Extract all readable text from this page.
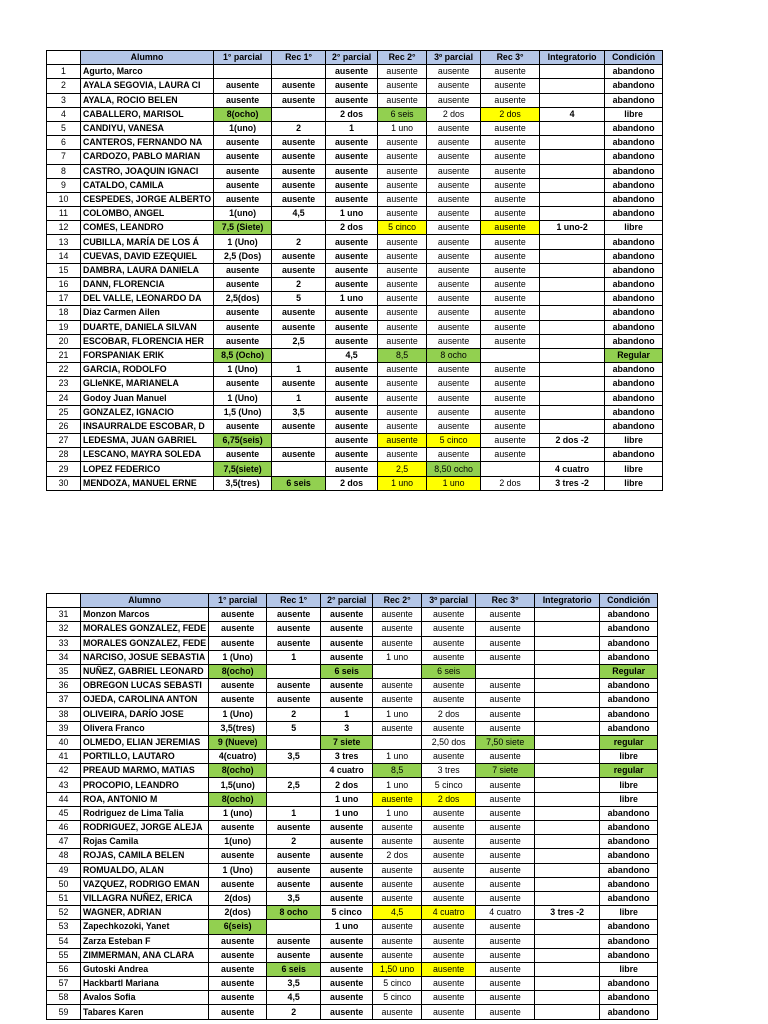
	Alumno	1° parcial	Rec 1°	2° parcial	Rec 2°	3º parcial	Rec 3°	Integratorio	Condición
1	Agurto, Marco			ausente	ausente	ausente	ausente		abandono
2	AYALA SEGOVIA, LAURA CI	ausente	ausente	ausente	ausente	ausente	ausente		abandono
3	AYALA, ROCIO BELEN	ausente	ausente	ausente	ausente	ausente	ausente		abandono
4	CABALLERO, MARISOL	8(ocho)		2 dos	6 seis	2 dos	2 dos	4	libre
5	CANDIYU, VANESA	1(uno)	2	1	1 uno	ausente	ausente		abandono
6	CANTEROS, FERNANDO NA	ausente	ausente	ausente	ausente	ausente	ausente		abandono
7	CARDOZO, PABLO MARIAN	ausente	ausente	ausente	ausente	ausente	ausente		abandono
8	CASTRO, JOAQUIN IGNACI	ausente	ausente	ausente	ausente	ausente	ausente		abandono
9	CATALDO, CAMILA	ausente	ausente	ausente	ausente	ausente	ausente		abandono
10	CESPEDES, JORGE ALBERTO	ausente	ausente	ausente	ausente	ausente	ausente		abandono
11	COLOMBO, ANGEL	1(uno)	4,5	1 uno	ausente	ausente	ausente		abandono
12	COMES, LEANDRO	7,5 (Siete)		2 dos	5 cinco	ausente	ausente	1 uno-2	libre
13	CUBILLA, MARÍA DE LOS Á	1 (Uno)	2	ausente	ausente	ausente	ausente		abandono
14	CUEVAS, DAVID EZEQUIEL	2,5 (Dos)	ausente	ausente	ausente	ausente	ausente		abandono
15	DAMBRA, LAURA DANIELA	ausente	ausente	ausente	ausente	ausente	ausente		abandono
16	DANN, FLORENCIA	ausente	2	ausente	ausente	ausente	ausente		abandono
17	DEL VALLE, LEONARDO DA	2,5(dos)	5	1 uno	ausente	ausente	ausente		abandono
18	Diaz Carmen Ailen	ausente	ausente	ausente	ausente	ausente	ausente		abandono
19	DUARTE, DANIELA SILVAN	ausente	ausente	ausente	ausente	ausente	ausente		abandono
20	ESCOBAR, FLORENCIA HER	ausente	2,5	ausente	ausente	ausente	ausente		abandono
21	FORSPANIAK ERIK	8,5 (Ocho)		4,5	8,5	8 ocho			Regular
22	GARCIA, RODOLFO	1 (Uno)	1	ausente	ausente	ausente	ausente		abandono
23	GLIeNKE, MARIANELA	ausente	ausente	ausente	ausente	ausente	ausente		abandono
24	Godoy Juan Manuel	1 (Uno)	1	ausente	ausente	ausente	ausente		abandono
25	GONZALEZ, IGNACIO	1,5 (Uno)	3,5	ausente	ausente	ausente	ausente		abandono
26	INSAURRALDE ESCOBAR, D	ausente	ausente	ausente	ausente	ausente	ausente		abandono
27	LEDESMA, JUAN GABRIEL	6,75(seis)		ausente	ausente	5 cinco	ausente	2 dos -2	libre
28	LESCANO, MAYRA SOLEDA	ausente	ausente	ausente	ausente	ausente	ausente		abandono
29	LOPEZ FEDERICO	7,5(siete)		ausente	2,5	8,50 ocho		4 cuatro	libre
30	MENDOZA, MANUEL ERNE	3,5(tres)	6 seis	2 dos	1 uno	1 uno	2 dos	3 tres -2	libre
	Alumno	1° parcial	Rec 1°	2° parcial	Rec 2°	3º parcial	Rec 3°	Integratorio	Condición
31	Monzon Marcos	ausente	ausente	ausente	ausente	ausente	ausente		abandono
32	MORALES GONZALEZ, FEDE	ausente	ausente	ausente	ausente	ausente	ausente		abandono
33	MORALES GONZALEZ, FEDE	ausente	ausente	ausente	ausente	ausente	ausente		abandono
34	NARCISO, JOSUE SEBASTIA	1 (Uno)	1	ausente	1 uno	ausente	ausente		abandono
35	NUÑEZ, GABRIEL LEONARD	8(ocho)		6 seis		6 seis			Regular
36	OBREGON LUCAS SEBASTI	ausente	ausente	ausente	ausente	ausente	ausente		abandono
37	OJEDA, CAROLINA ANTON	ausente	ausente	ausente	ausente	ausente	ausente		abandono
38	OLIVEIRA, DARÍO JOSE	1 (Uno)	2	1	1 uno	2 dos	ausente		abandono
39	Olivera Franco	3,5(tres)	5	3	ausente	ausente	ausente		abandono
40	OLMEDO, ELIAN JEREMIAS	9 (Nueve)		7 siete		2,50 dos	7,50 siete		regular
41	PORTILLO, LAUTARO	4(cuatro)	3,5	3 tres	1 uno	ausente	ausente		libre
42	PREAUD MARMO, MATIAS	8(ocho)		4 cuatro	8,5	3 tres	7 siete		regular
43	PROCOPIO, LEANDRO	1,5(uno)	2,5	2 dos	1 uno	5 cinco	ausente		libre
44	ROA, ANTONIO M	8(ocho)		1 uno	ausente	2 dos	ausente		libre
45	Rodriguez de Lima Talia	1 (uno)	1	1 uno	1 uno	ausente	ausente		abandono
46	RODRIGUEZ, JORGE ALEJA	ausente	ausente	ausente	ausente	ausente	ausente		abandono
47	Rojas Camila	1(uno)	2	ausente	ausente	ausente	ausente		abandono
48	ROJAS, CAMILA BELEN	ausente	ausente	ausente	2 dos	ausente	ausente		abandono
49	ROMUALDO, ALAN	1 (Uno)	ausente	ausente	ausente	ausente	ausente		abandono
50	VAZQUEZ, RODRIGO EMAN	ausente	ausente	ausente	ausente	ausente	ausente		abandono
51	VILLAGRA NUÑEZ, ERICA	2(dos)	3,5	ausente	ausente	ausente	ausente		abandono
52	WAGNER, ADRIAN	2(dos)	8 ocho	5 cinco	4,5	4 cuatro	4 cuatro	3 tres -2	libre
53	Zapechkozoki, Yanet	6(seis)		1 uno	ausente	ausente	ausente		abandono
54	Zarza Esteban F	ausente	ausente	ausente	ausente	ausente	ausente		abandono
55	ZIMMERMAN, ANA CLARA	ausente	ausente	ausente	ausente	ausente	ausente		abandono
56	Gutoski Andrea	ausente	6 seis	ausente	1,50 uno	ausente	ausente		libre
57	Hackbartl Mariana	ausente	3,5	ausente	5 cinco	ausente	ausente		abandono
58	Avalos Sofia	ausente	4,5	ausente	5 cinco	ausente	ausente		abandono
59	Tabares Karen	ausente	2	ausente	ausente	ausente	ausente		abandono
